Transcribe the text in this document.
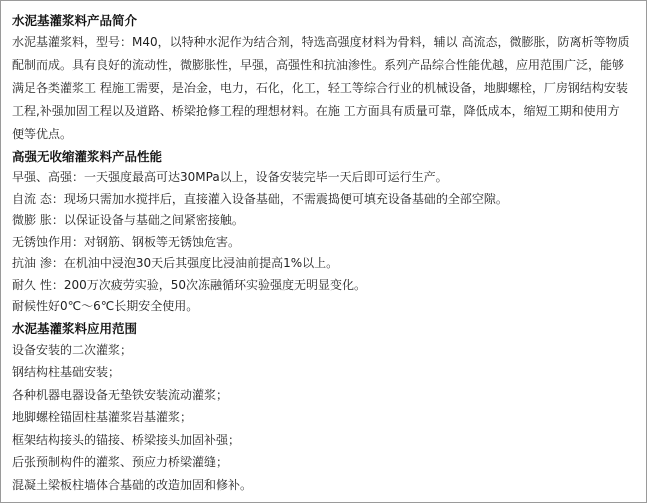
水泥基灌浆料产品简介

水泥基灌浆料，型号：M40，以特种水泥作为结合剂，特选高强度材料为骨料，辅以 高流态，微膨胀，防离析等物质

配制而成。具有良好的流动性，微膨胀性，早强，高强性和抗油渗性。系列产品综合性能优越，应用范围广泛，能够

满足各类灌浆工 程施工需要，是冶金，电力，石化，化工，轻工等综合行业的机械设备，地脚螺栓，厂房钢结构安装

工程,补强加固工程以及道路、桥梁抢修工程的理想材料。在施 工方面具有质量可靠，降低成本，缩短工期和使用方

便等优点。

高强无收缩灌浆料产品性能

早强、高强：一天强度最高可达30MPa以上，设备安装完毕一天后即可运行生产。

自流 态：现场只需加水搅拌后，直接灌入设备基础，不需震捣便可填充设备基础的全部空隙。

微膨 胀：以保证设备与基础之间紧密接触。

无锈蚀作用：对钢筋、钢板等无锈蚀危害。

抗油 渗：在机油中浸泡30天后其强度比浸油前提高1%以上。

耐久 性：200万次疲劳实验，50次冻融循环实验强度无明显变化。

耐候性好0℃～6℃长期安全使用。

水泥基灌浆料应用范围

设备安装的二次灌浆；

钢结构柱基础安装；

各种机器电器设备无垫铁安装流动灌浆；

地脚螺栓锚固柱基灌浆岩基灌浆；

框架结构接头的锚接、桥梁接头加固补强；

后张预制构件的灌浆、预应力桥梁灌缝；

混凝土梁板柱墙体合基础的改造加固和修补。
